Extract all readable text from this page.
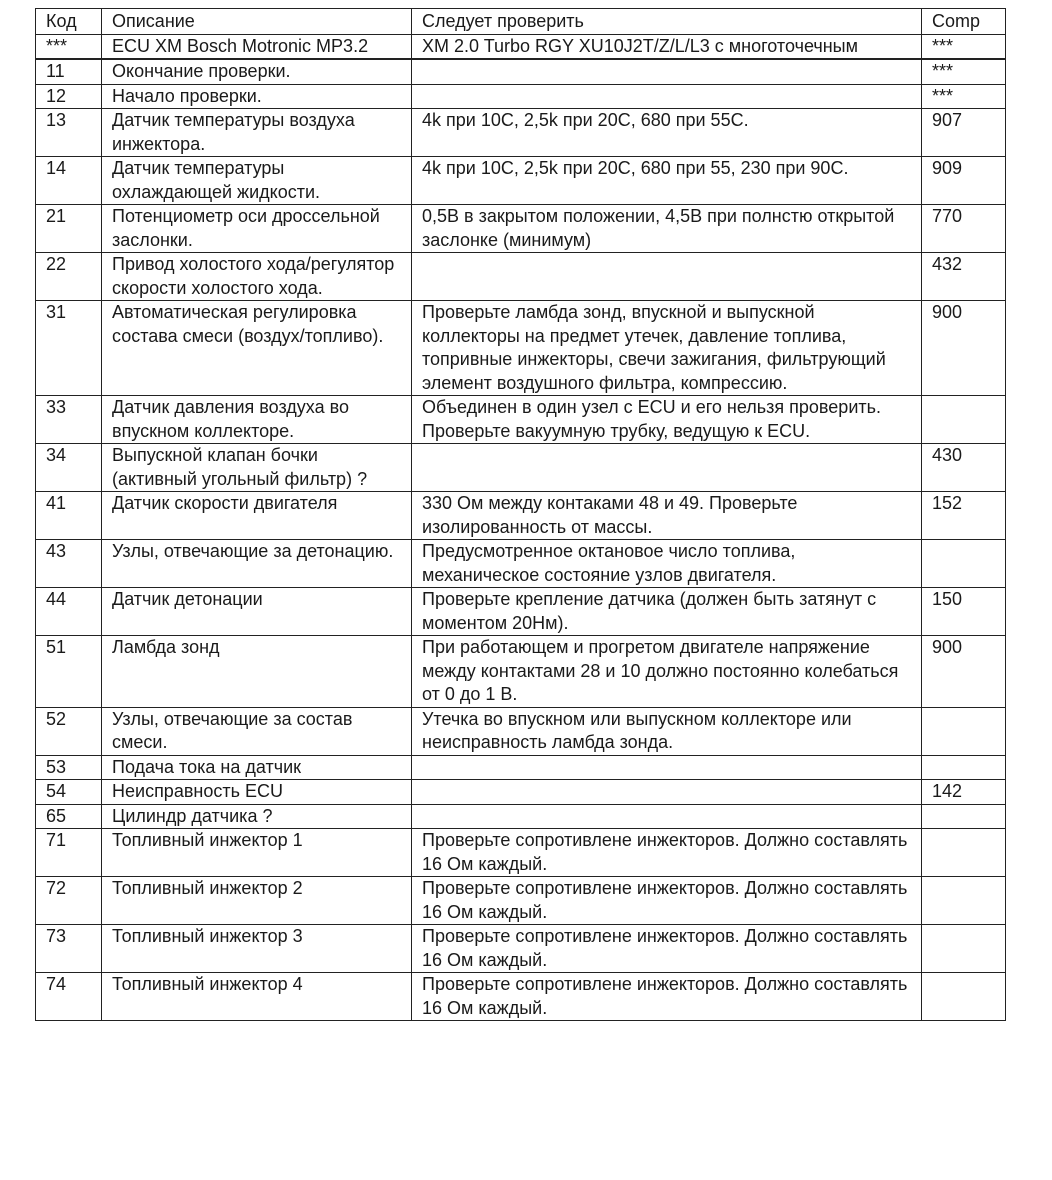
Код	Описание	Следует проверить	Comp
***	ECU XM Bosch Motronic MP3.2	XM 2.0 Turbo RGY XU10J2T/Z/L/L3 с многоточечным	***

11	Окончание проверки.		***
12	Начало проверки.		***
13	Датчик температуры воздуха инжектора.	4k при 10C, 2,5k при 20C, 680 при 55C.	907
14	Датчик температуры охлаждающей жидкости.	4k при 10C, 2,5k при 20C, 680 при 55, 230 при 90C.	909
21	Потенциометр оси дроссельной заслонки.	0,5В в закрытом положении, 4,5В при полнстю открытой заслонке (минимум)	770
22	Привод холостого хода/регулятор скорости холостого хода.		432
31	Автоматическая регулировка состава смеси (воздух/топливо).	Проверьте ламбда зонд, впускной и выпускной коллекторы на предмет утечек, давление топлива, топривные инжекторы, свечи зажигания, фильтрующий элемент воздушного фильтра, компрессию.	900
33	Датчик давления воздуха во впускном коллекторе.	Объединен в один узел с ECU и его нельзя проверить. Проверьте вакуумную трубку, ведущую к ECU.	
34	Выпускной клапан бочки (активный угольный фильтр) ?		430
41	Датчик скорости двигателя	330 Ом между контаками 48 и 49. Проверьте изолированность от массы.	152
43	Узлы, отвечающие за детонацию.	Предусмотренное октановое число топлива, механическое состояние узлов двигателя.	
44	Датчик детонации	Проверьте крепление датчика (должен быть затянут с моментом 20Нм).	150
51	Ламбда зонд	При работающем и прогретом двигателе напряжение между контактами 28 и 10 должно постоянно колебаться от 0 до 1 В.	900
52	Узлы, отвечающие за состав смеси.	Утечка во впускном или выпускном коллекторе или неисправность ламбда зонда.	
53	Подача тока на датчик		
54	Неисправность ECU		142
65	Цилиндр датчика ?		
71	Топливный инжектор 1	Проверьте сопротивлене инжекторов. Должно составлять 16 Ом каждый.	
72	Топливный инжектор 2	Проверьте сопротивлене инжекторов. Должно составлять 16 Ом каждый.	
73	Топливный инжектор 3	Проверьте сопротивлене инжекторов. Должно составлять 16 Ом каждый.	
74	Топливный инжектор 4	Проверьте сопротивлене инжекторов. Должно составлять 16 Ом каждый.	
